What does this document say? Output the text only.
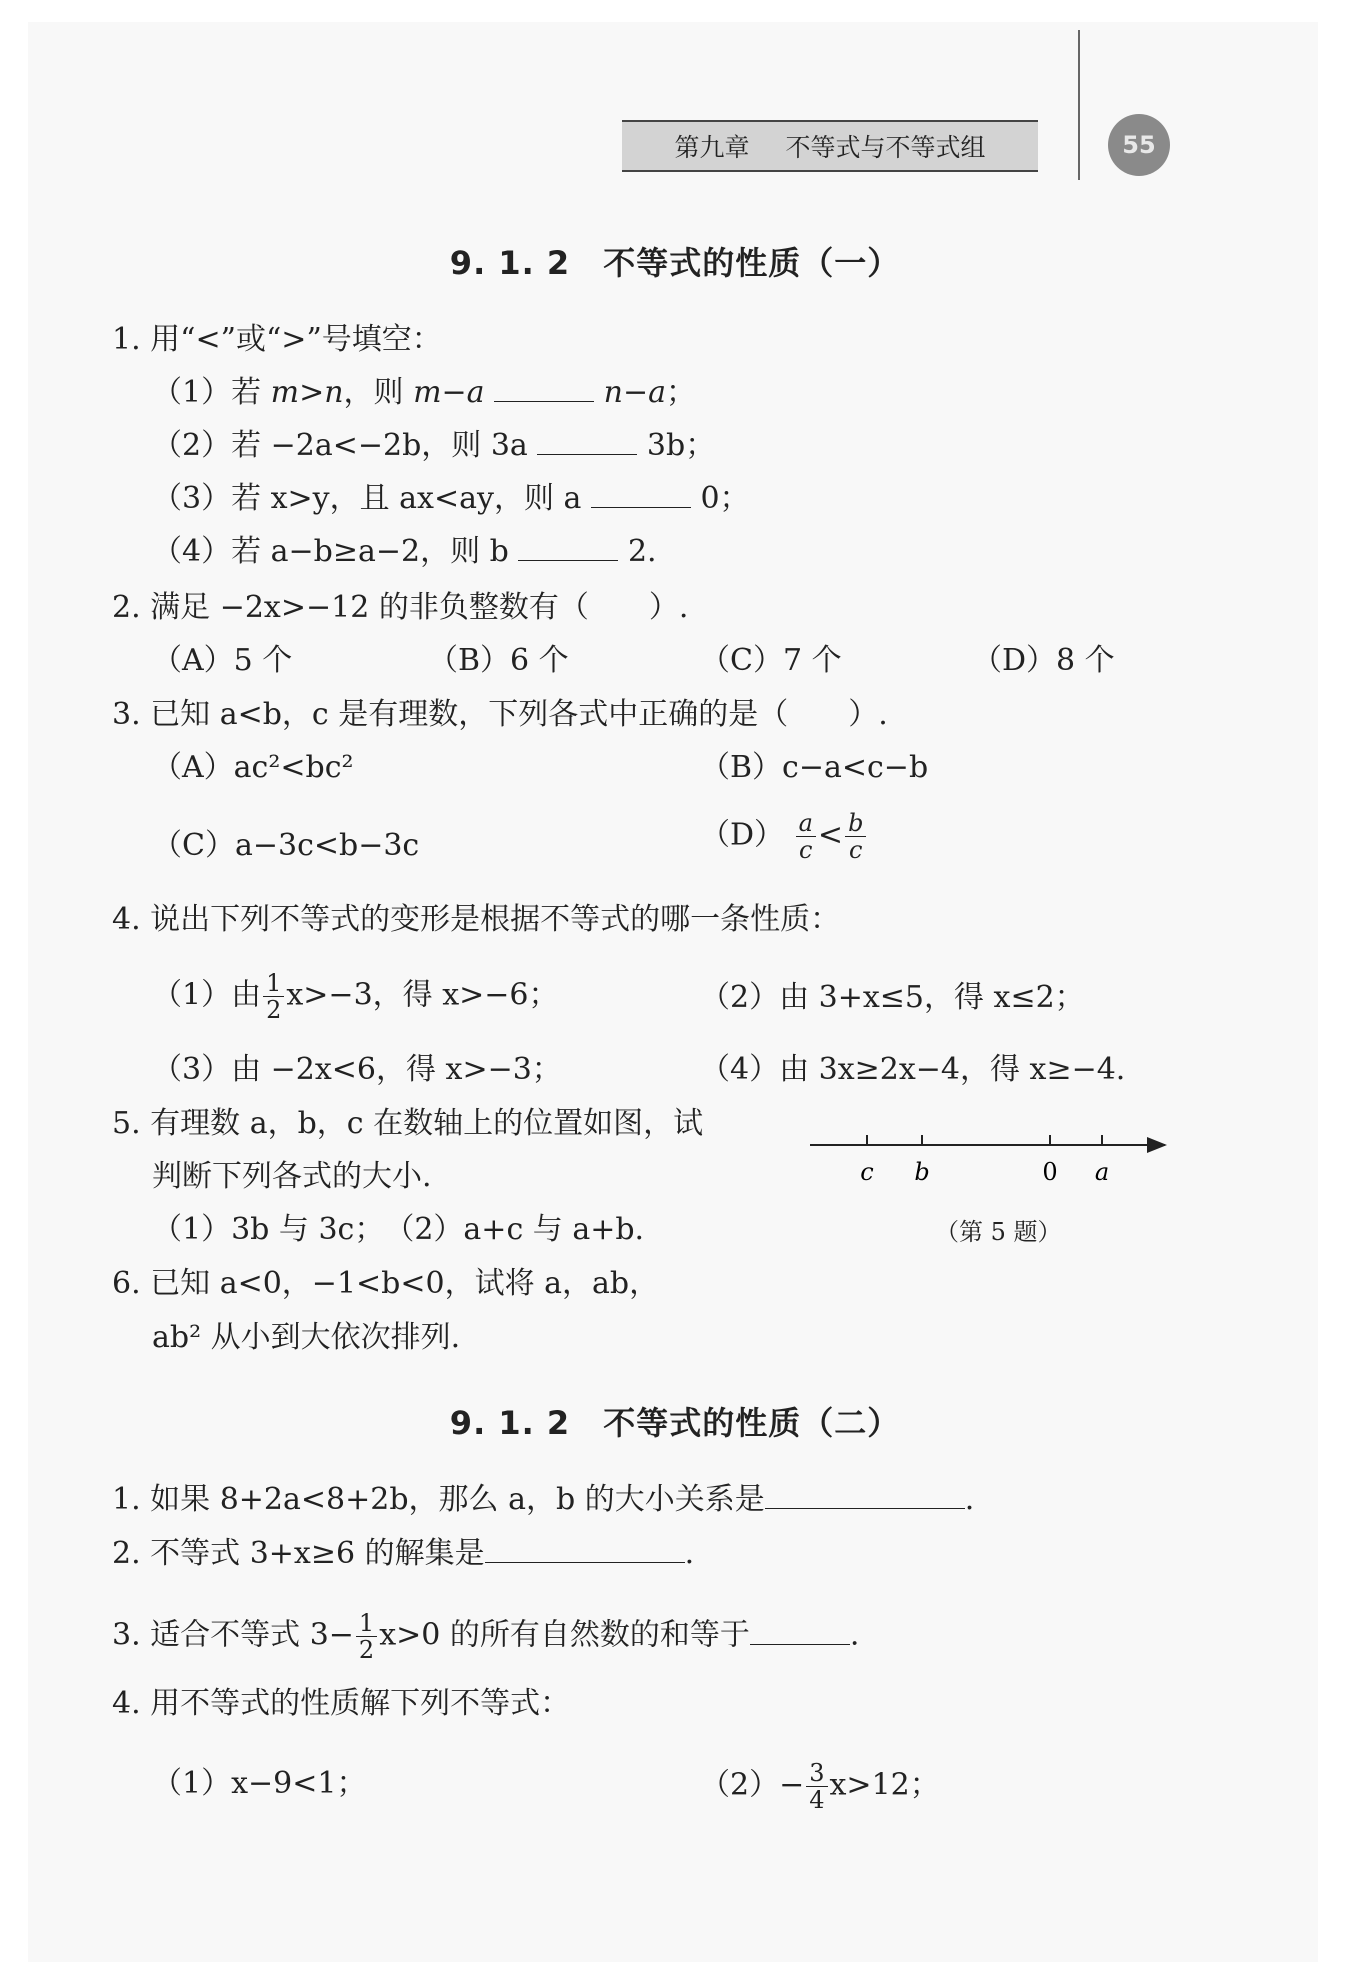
第九章 不等式与不等式组	55
9. 1. 2　不等式的性质（一）
1. 用“<”或“>”号填空：
（1）若 m>n，则 m−a	n−a；
（2）若 −2a<−2b，则 3a	3b；
（3）若 x>y，且 ax<ay，则 a	0；
（4）若 a−b≥a−2，则 b	2.
2. 满足 −2x>−12 的非负整数有（　　）.
（A）5 个	（B）6 个	（C）7 个	（D）8 个
3. 已知 a<b，c 是有理数，下列各式中正确的是（　　）.
（A）ac²<bc²	（B）c−a<c−b
（C）a−3c<b−3c	$(D) \frac{a}{c} < \frac{b}{c}$
4. 说出下列不等式的变形是根据不等式的哪一条性质：
（1）由 $\frac{1}{2} x>-3$，得 x>−6；	（2）由 3+x≤5，得 x≤2；
（3）由 −2x<6，得 x>−3；	（4）由 3x≥2x−4，得 x≥−4.
5. 有理数 a，b，c 在数轴上的位置如图，试
判断下列各式的大小.
（1）3b 与 3c；　（2）a+c 与 a+b.
c b	0 a
（第 5 题）
6. 已知 a<0，−1<b<0，试将 a，ab，
ab² 从小到大依次排列.
9. 1. 2　不等式的性质（二）
1. 如果 8+2a<8+2b，那么 a，b 的大小关系是	.
2. 不等式 3+x≥6 的解集是	.
3. 适合不等式 $3- \frac{1}{2} x>0$ 的所有自然数的和等于	.
4. 用不等式的性质解下列不等式：
（1）x−9<1；	$(2)- \frac{3}{4} x>12$；
